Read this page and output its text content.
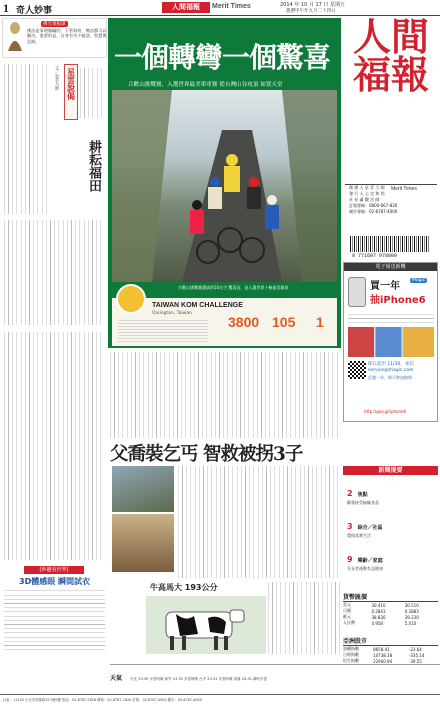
1 奇人妙事	人間福報	Merit Times	2014 年 10 月 17 日 星期五
農曆甲午年九月二十四日
佛光菜根譚
佛法是事理無礙的，不管如何，佛法都可以解決，重要的是，自身有多少慈悲、智慧與忍耐。
文／星雲大師 星雲說偈
耕耘福田
一個轉彎一個驚喜
合歡山挑戰賽，入選世界最美單車賽 從台灣山谷攻頂 如置天堂
合歡山挑戰賽選拔的10名手 驚喜冠，是入選世界十條最美賽事
TAIWAN KOM CHALLENGE
Qixingtan, Taiwan
3800 105 1
人間福報
Merit Times
創 辦 人 星 雲 大 師
發 行 人 心 定 和 尚
社 長 滿 觀 法 師
訂閱專線：0800-067-826
廣告專線：02-8787-4000
9 771607 978009
電子報送新機
買一年
Magic
抽iPhone6
即日起至 11/30，來信
service@magic.com
訂閱一年，即可參加抽獎
http://goo.gl/iphone6
新聞提要
2 焦點
顧客接受檢驗食品
3 綜合／社區
環保落實生活
9 樂齡／家庭
年長者運動有益健康
貨幣匯價
美元	30.410	30.510
日圓	0.2843	0.2883
歐元	38.830	39.230
人民幣	4.958	5.010
亞洲股市
加權指數	8658.41	-23.64
日經指數	14738.38	-335.14
恒生指數	22900.94	-39.55
父喬裝乞丐 智救被拐3子
牛高馬大 193公分
[妙趣看世界]
3D體感眼 瞬間試衣
天氣 台北 23-30 多雲時晴 新竹 23-30 多雲時晴 台中 23-31 多雲時晴 高雄 25-31 晴時多雲
社址：11105 台北市松隆路327號9樓 電話：02-8787-7828 傳真：02-8787-1820 訂報：02-8787-4000 廣告：02-8787-4000
